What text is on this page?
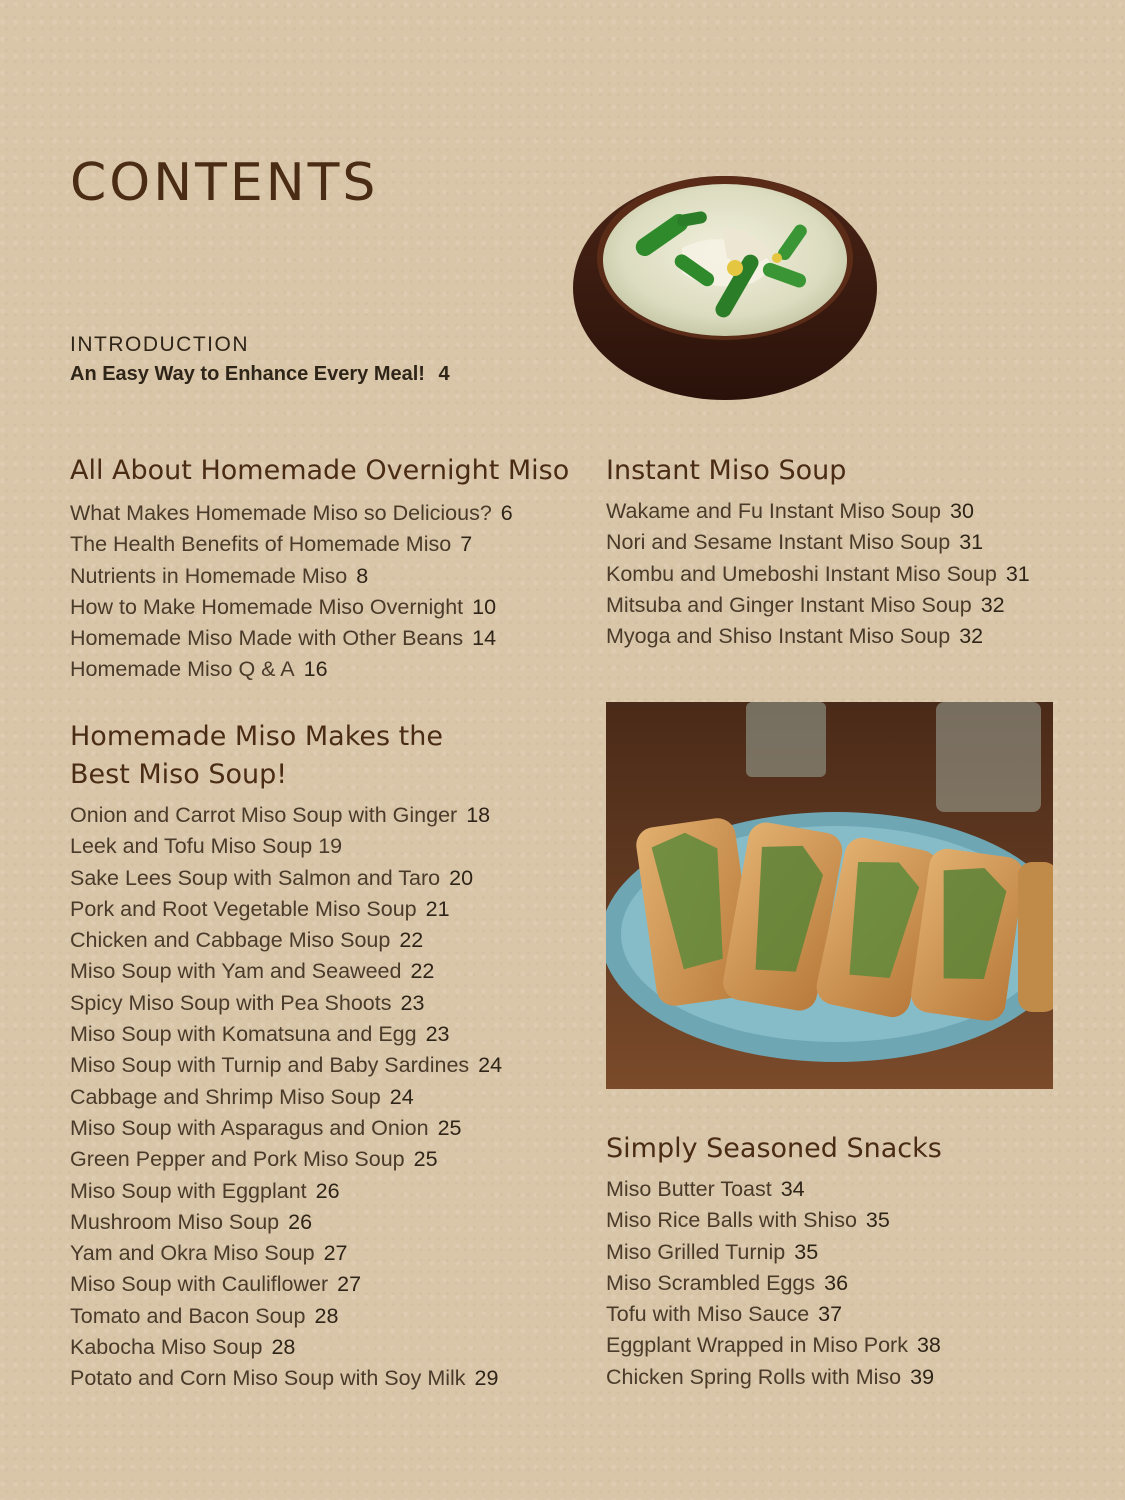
CONTENTS
INTRODUCTION
An Easy Way to Enhance Every Meal! 4
All About Homemade Overnight Miso
What Makes Homemade Miso so Delicious? 6
The Health Benefits of Homemade Miso 7
Nutrients in Homemade Miso 8
How to Make Homemade Miso Overnight 10
Homemade Miso Made with Other Beans 14
Homemade Miso Q & A 16
Homemade Miso Makes the
Best Miso Soup!
Onion and Carrot Miso Soup with Ginger 18
Leek and Tofu Miso Soup 19
Sake Lees Soup with Salmon and Taro 20
Pork and Root Vegetable Miso Soup 21
Chicken and Cabbage Miso Soup 22
Miso Soup with Yam and Seaweed 22
Spicy Miso Soup with Pea Shoots 23
Miso Soup with Komatsuna and Egg 23
Miso Soup with Turnip and Baby Sardines 24
Cabbage and Shrimp Miso Soup 24
Miso Soup with Asparagus and Onion 25
Green Pepper and Pork Miso Soup 25
Miso Soup with Eggplant 26
Mushroom Miso Soup 26
Yam and Okra Miso Soup 27
Miso Soup with Cauliflower 27
Tomato and Bacon Soup 28
Kabocha Miso Soup 28
Potato and Corn Miso Soup with Soy Milk 29
Instant Miso Soup
Wakame and Fu Instant Miso Soup 30
Nori and Sesame Instant Miso Soup 31
Kombu and Umeboshi Instant Miso Soup 31
Mitsuba and Ginger Instant Miso Soup 32
Myoga and Shiso Instant Miso Soup 32
Simply Seasoned Snacks
Miso Butter Toast 34
Miso Rice Balls with Shiso 35
Miso Grilled Turnip 35
Miso Scrambled Eggs 36
Tofu with Miso Sauce 37
Eggplant Wrapped in Miso Pork 38
Chicken Spring Rolls with Miso 39
